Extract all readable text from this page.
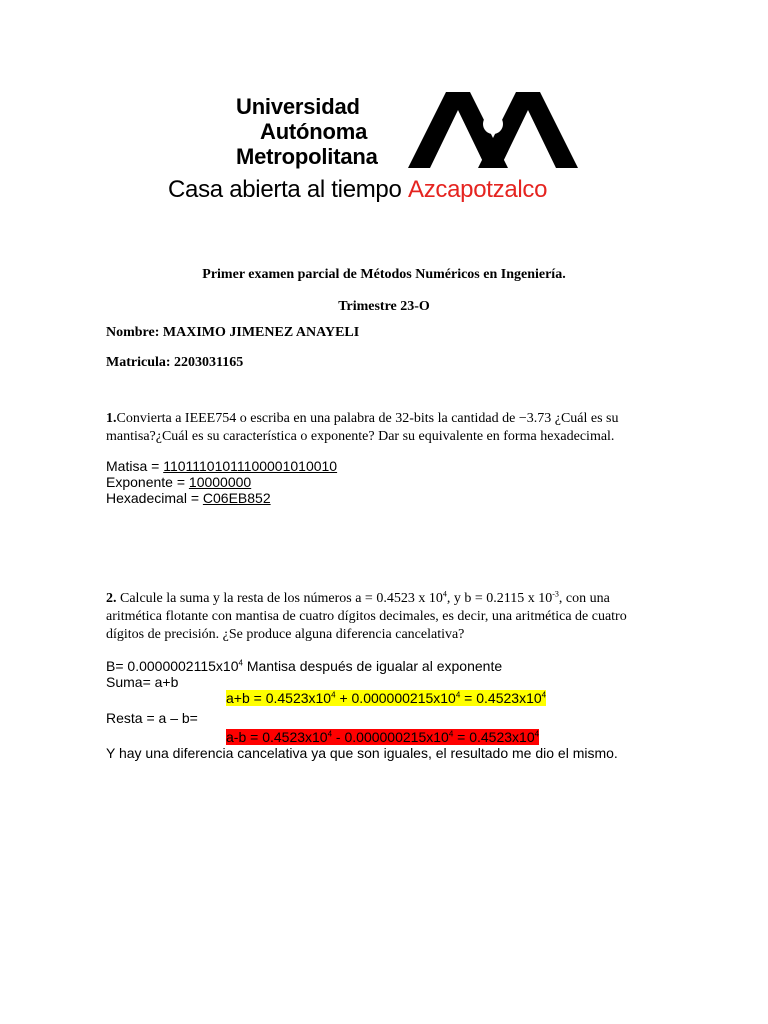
Universidad
Autónoma
Metropolitana
Casa abierta al tiempo Azcapotzalco
Primer examen parcial de Métodos Numéricos en Ingeniería.
Trimestre 23-O
Nombre: MAXIMO JIMENEZ ANAYELI
Matricula: 2203031165
1.Convierta a IEEE754 o escriba en una palabra de 32-bits la cantidad de −3.73 ¿Cuál es su mantisa?¿Cuál es su característica o exponente? Dar su equivalente en forma hexadecimal.
Matisa = 11011101011100001010010
Exponente = 10000000
Hexadecimal = C06EB852
2. Calcule la suma y la resta de los números a = 0.4523 x $10^4$, y b = 0.2115 x $10^{-3}$, con una aritmética flotante con mantisa de cuatro dígitos decimales, es decir, una aritmética de cuatro dígitos de precisión. ¿Se produce alguna diferencia cancelativa?
$B= 0.0000002115x10^4$ Mantisa después de igualar al exponente
Suma= a+b
$a+b = 0.4523x10^4 + 0.000000215x10^4 = 0.4523x10^4$
Resta = a – b=
$a-b = 0.4523x10^4 - 0.000000215x10^4 = 0.4523x10^4$
Y hay una diferencia cancelativa ya que son iguales, el resultado me dio el mismo.
